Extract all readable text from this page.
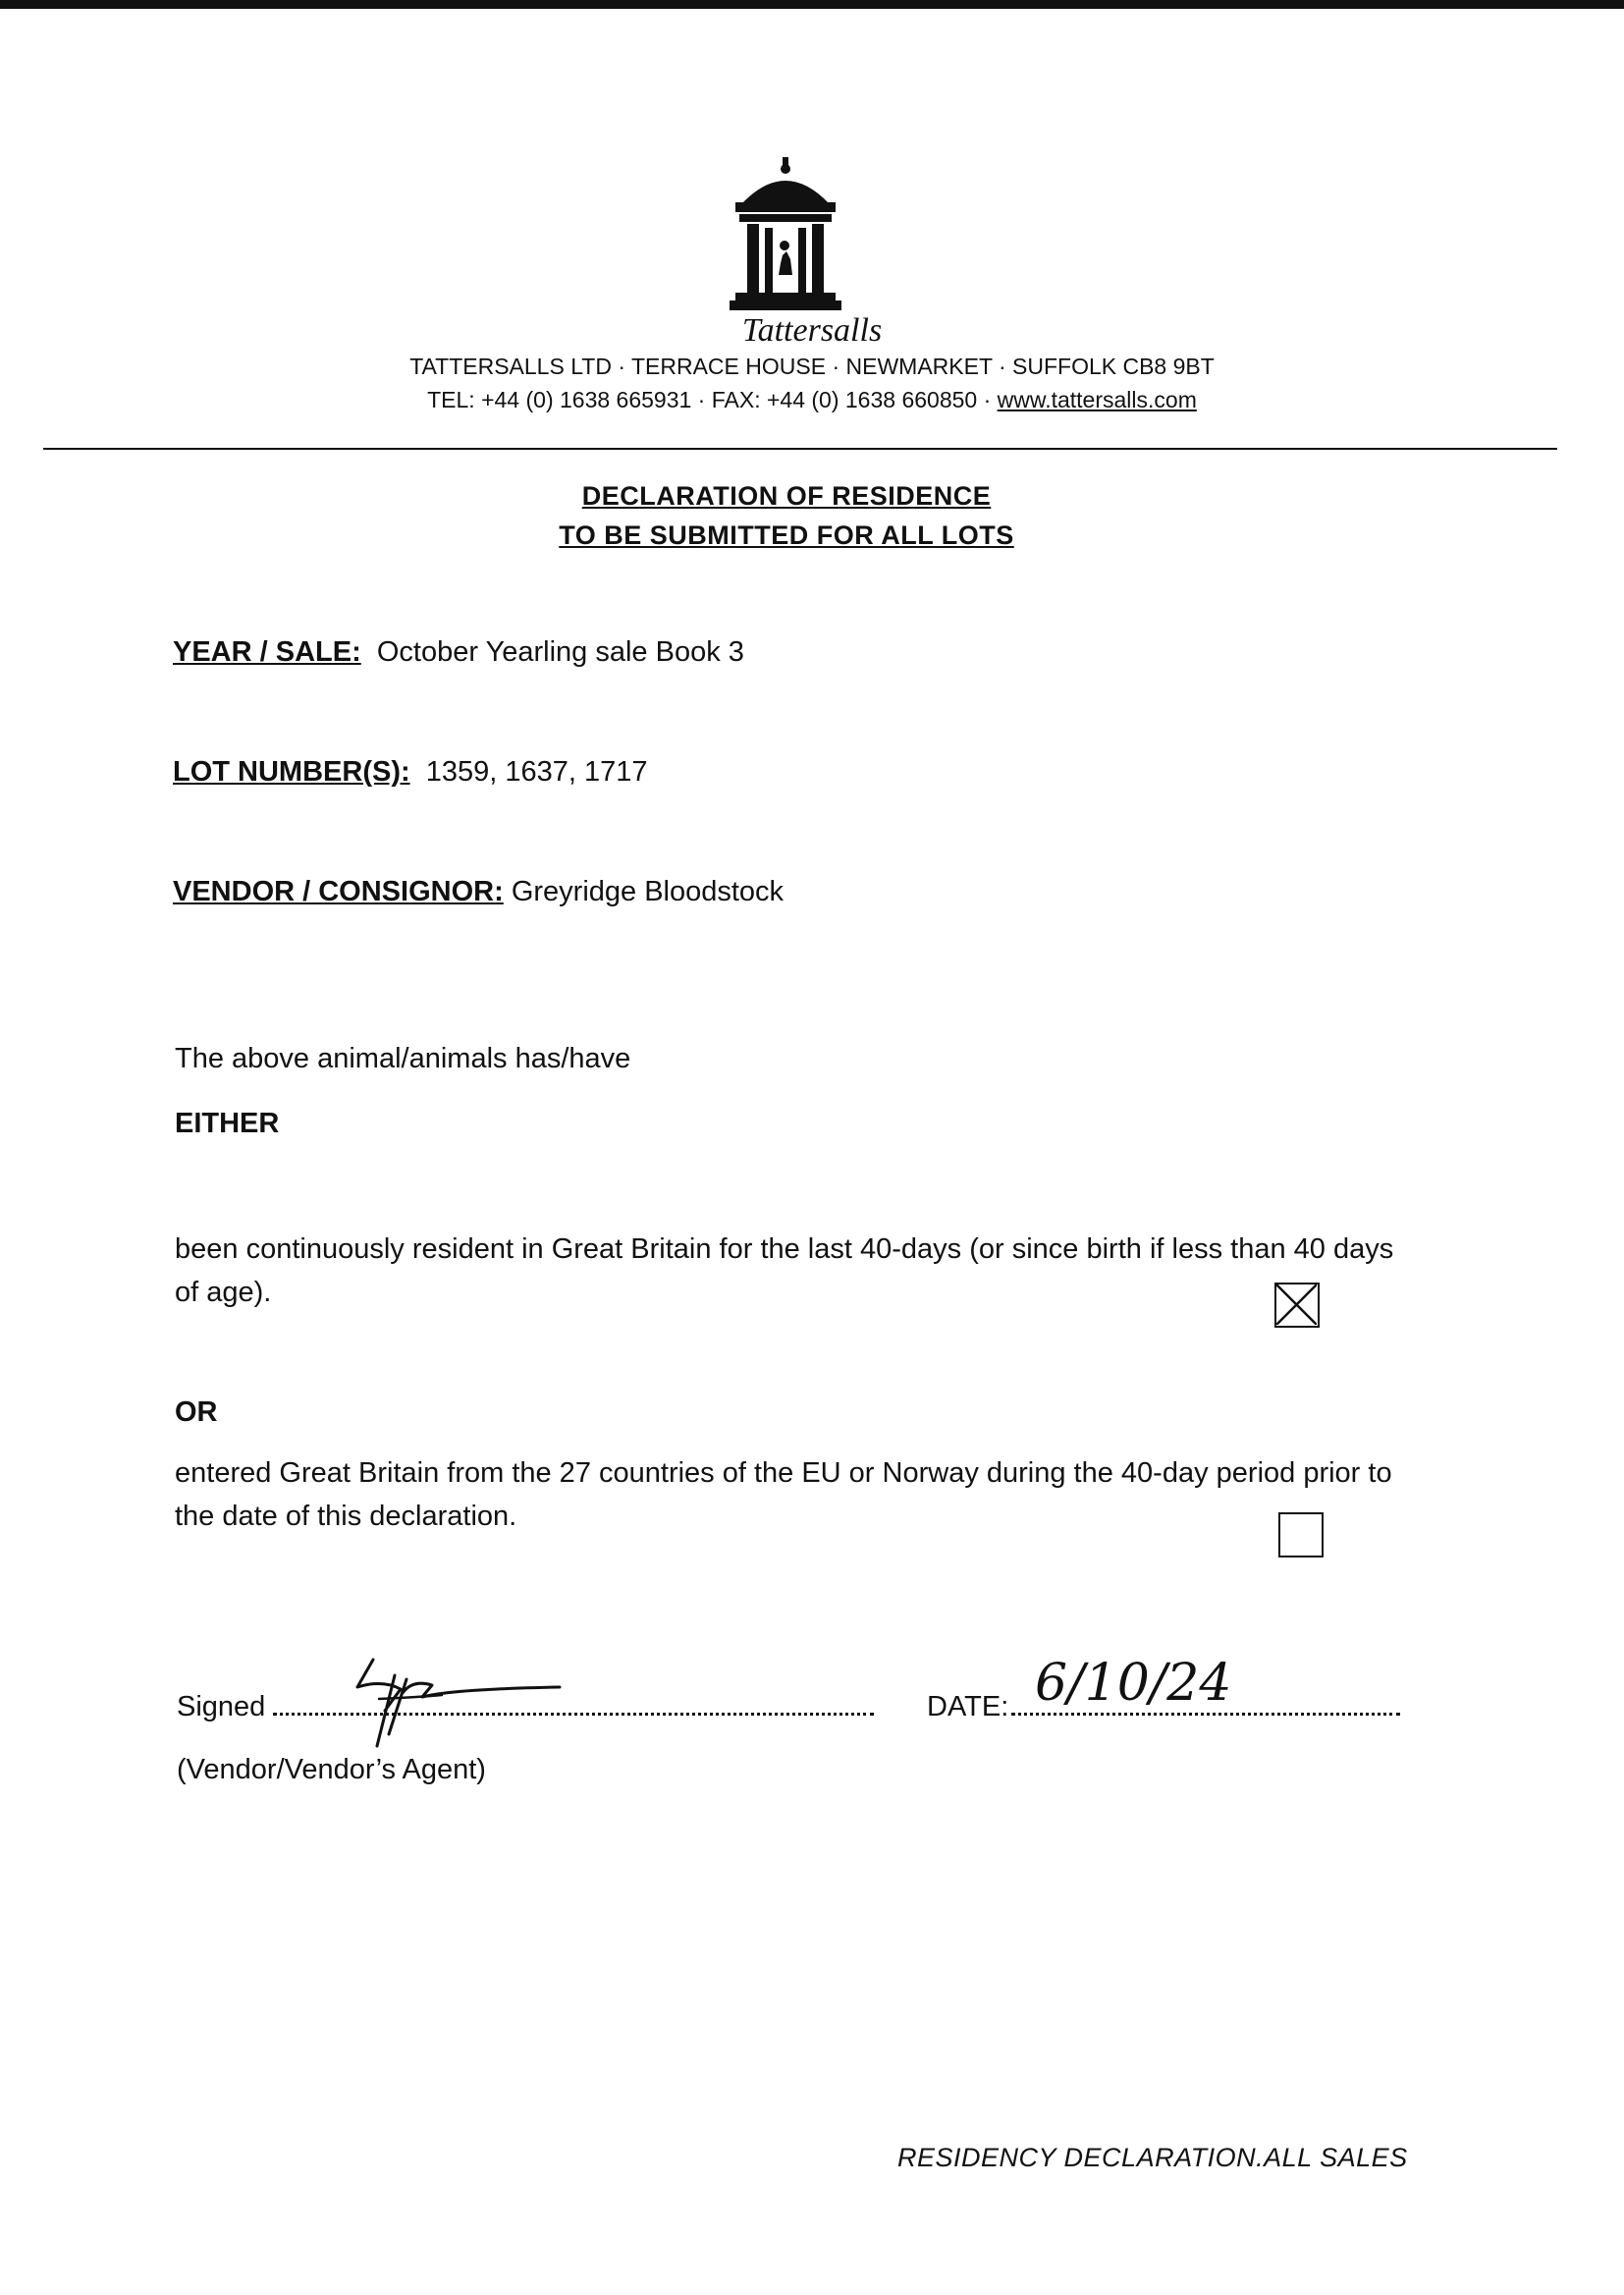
Tattersalls
TATTERSALLS LTD · TERRACE HOUSE · NEWMARKET · SUFFOLK CB8 9BT
TEL: +44 (0) 1638 665931 · FAX: +44 (0) 1638 660850 · www.tattersalls.com
DECLARATION OF RESIDENCE
TO BE SUBMITTED FOR ALL LOTS
YEAR / SALE: October Yearling sale Book 3
LOT NUMBER(S): 1359, 1637, 1717
VENDOR / CONSIGNOR: Greyridge Bloodstock
The above animal/animals has/have
EITHER
been continuously resident in Great Britain for the last 40-days (or since birth if less than 40 days of age).
OR
entered Great Britain from the 27 countries of the EU or Norway during the 40-day period prior to the date of this declaration.
Signed	DATE: 6/10/24
(Vendor/Vendor’s Agent)
RESIDENCY DECLARATION.ALL SALES
